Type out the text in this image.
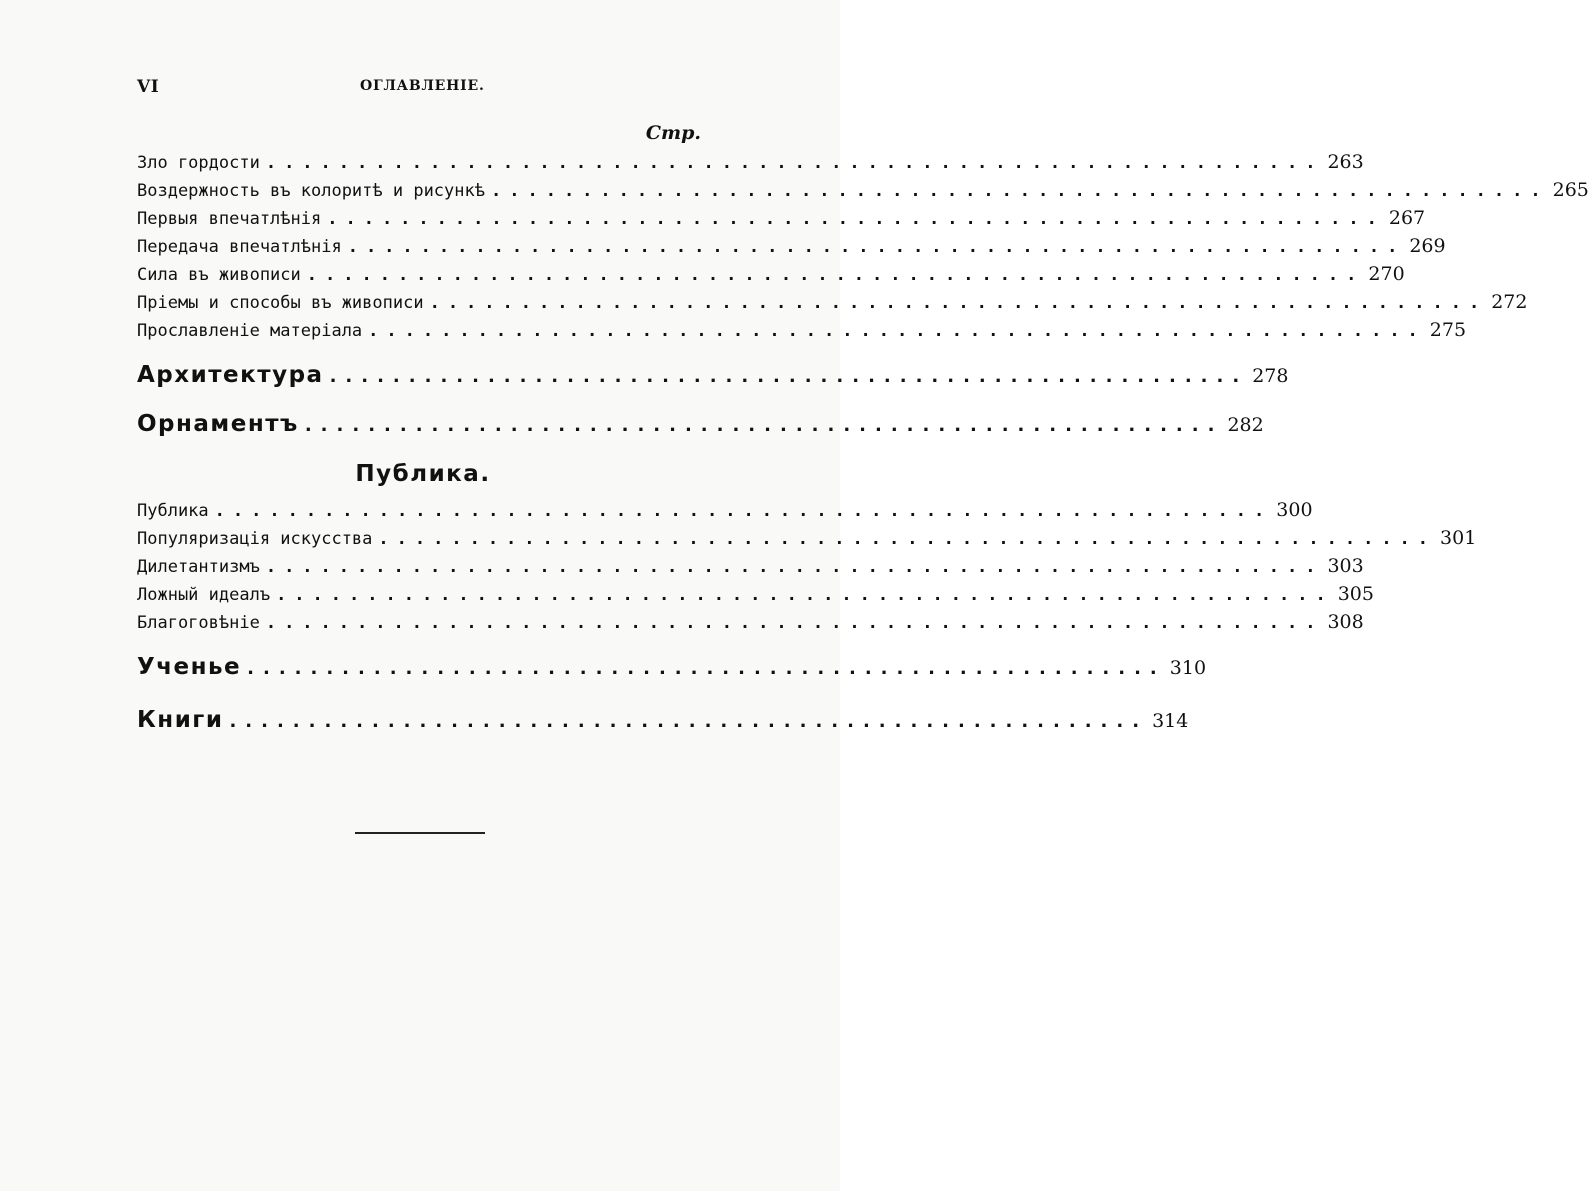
VI	ОГЛАВЛЕНІЕ.
Стр.
Зло гордости .......................................................... 263
Воздержность въ колоритѣ и рисункѣ .......................................................... 265
Первыя впечатлѣнія .......................................................... 267
Передача впечатлѣнія .......................................................... 269
Сила въ живописи .......................................................... 270
Пріемы и способы въ живописи .......................................................... 272
Прославленіе матеріала .......................................................... 275
Архитектура .......................................................... 278
Орнаментъ .......................................................... 282
Публика.
Публика .......................................................... 300
Популяризація искусства .......................................................... 301
Дилетантизмъ .......................................................... 303
Ложный идеалъ .......................................................... 305
Благоговѣніе .......................................................... 308
Ученье .......................................................... 310
Книги .......................................................... 314
